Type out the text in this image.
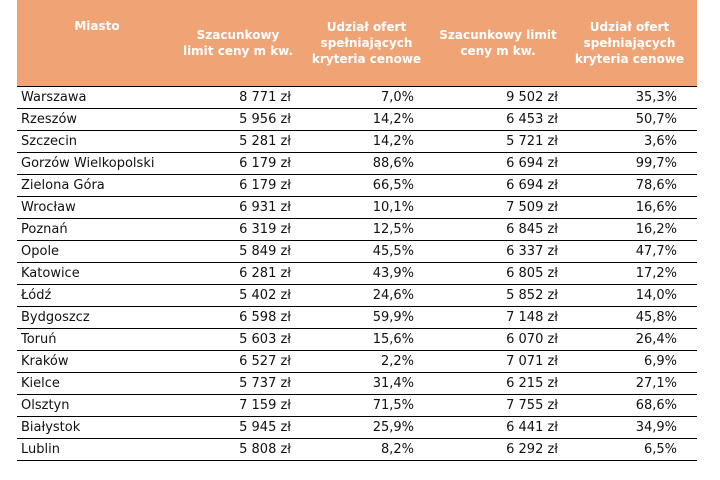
Miasto	Szacunkowy limit ceny m kw.	Udział ofert spełniających kryteria cenowe	Szacunkowy limit ceny m kw.	Udział ofert spełniających kryteria cenowe
Warszawa	8 771 zł	7,0%	9 502 zł	35,3%
Rzeszów	5 956 zł	14,2%	6 453 zł	50,7%
Szczecin	5 281 zł	14,2%	5 721 zł	3,6%
Gorzów Wielkopolski	6 179 zł	88,6%	6 694 zł	99,7%
Zielona Góra	6 179 zł	66,5%	6 694 zł	78,6%
Wrocław	6 931 zł	10,1%	7 509 zł	16,6%
Poznań	6 319 zł	12,5%	6 845 zł	16,2%
Opole	5 849 zł	45,5%	6 337 zł	47,7%
Katowice	6 281 zł	43,9%	6 805 zł	17,2%
Łódź	5 402 zł	24,6%	5 852 zł	14,0%
Bydgoszcz	6 598 zł	59,9%	7 148 zł	45,8%
Toruń	5 603 zł	15,6%	6 070 zł	26,4%
Kraków	6 527 zł	2,2%	7 071 zł	6,9%
Kielce	5 737 zł	31,4%	6 215 zł	27,1%
Olsztyn	7 159 zł	71,5%	7 755 zł	68,6%
Białystok	5 945 zł	25,9%	6 441 zł	34,9%
Lublin	5 808 zł	8,2%	6 292 zł	6,5%
